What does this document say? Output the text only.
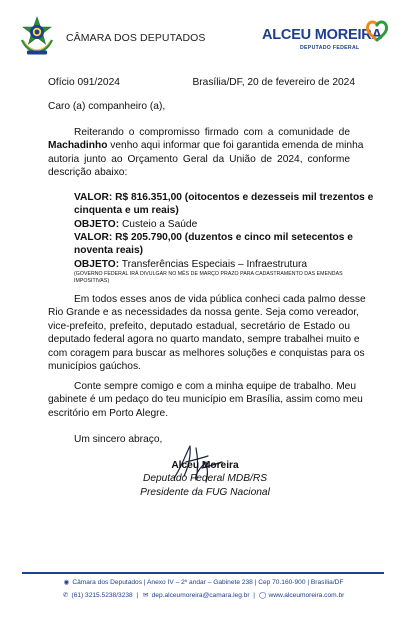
CÂMARA DOS DEPUTADOS	ALCEU MOREIRA
DEPUTADO FEDERAL
Ofício 091/2024	Brasília/DF, 20 de fevereiro de 2024
Caro (a) companheiro (a),
Reiterando o compromisso firmado com a comunidade de
Machadinho venho aqui informar que foi garantida emenda de minha
autoria junto ao Orçamento Geral da União de 2024, conforme
descrição abaixo:
VALOR: R$ 816.351,00 (oitocentos e dezesseis mil trezentos e
cinquenta e um reais)
OBJETO: Custeio a Saúde
VALOR: R$ 205.790,00 (duzentos e cinco mil setecentos e
noventa reais)
OBJETO: Transferências Especiais – Infraestrutura
(GOVERNO FEDERAL IRÁ DIVULGAR NO MÊS DE MARÇO PRAZO PARA CADASTRAMENTO DAS EMENDAS
IMPOSITIVAS)
Em todos esses anos de vida pública conheci cada palmo desse
Rio Grande e as necessidades da nossa gente. Seja como vereador,
vice-prefeito, prefeito, deputado estadual, secretário de Estado ou
deputado federal agora no quarto mandato, sempre trabalhei muito e
com coragem para buscar as melhores soluções e conquistas para os
municípios gaúchos.
Conte sempre comigo e com a minha equipe de trabalho. Meu
gabinete é um pedaço do teu município em Brasília, assim como meu
escritório em Porto Alegre.
Um sincero abraço,
Alceu Moreira
Deputado Federal MDB/RS
Presidente da FUG Nacional
◉ Câmara dos Deputados | Anexo IV – 2º andar – Gabinete 238 | Cep 70.160-900 | Brasília/DF
✆ (61) 3215.5238/3238  |  ✉ dep.alceumoreira@camara.leg.br  |  ◯ www.alceumoreira.com.br
